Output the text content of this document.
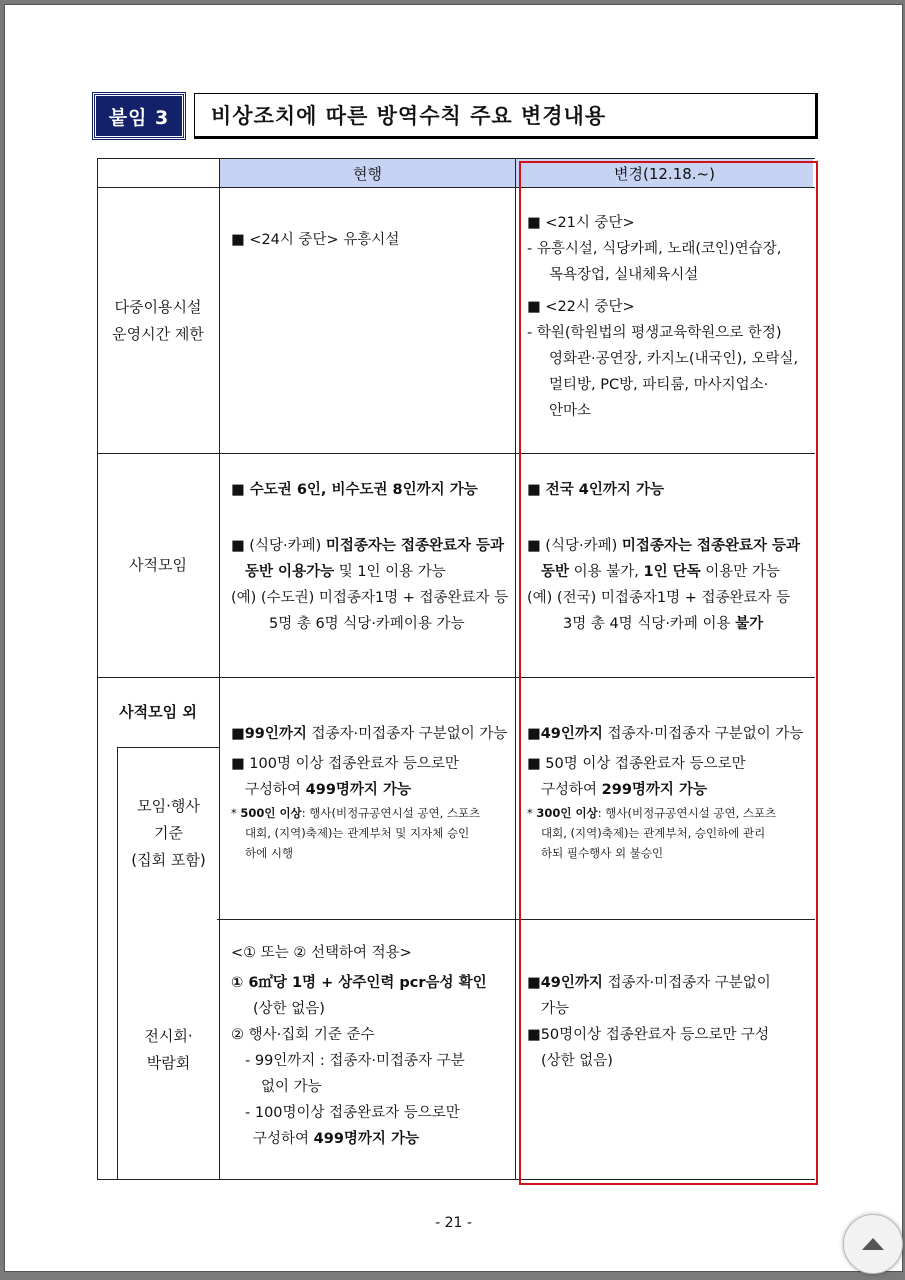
붙임 3	비상조치에 따른 방역수칙 주요 변경내용
현행	변경(12.18.~)
다중이용시설
운영시간 제한

■ <24시 중단> 유흥시설

■ <21시 중단>

- 유흥시설, 식당카페, 노래(코인)연습장,

목욕장업, 실내체육시설

■ <22시 중단>

- 학원(학원법의 평생교육학원으로 한정)

영화관·공연장, 카지노(내국인), 오락실,

멀티방, PC방, 파티룸, 마사지업소·

안마소

사적모임

■ 수도권 6인, 비수도권 8인까지 가능

■ (식당·카페) 미접종자는 접종완료자 등과

동반 이용가능 및 1인 이용 가능

(예) (수도권) 미접종자1명 + 접종완료자 등

5명 총 6명 식당·카페이용 가능

■ 전국 4인까지 가능

■ (식당·카페) 미접종자는 접종완료자 등과

동반 이용 불가, 1인 단독 이용만 가능

(예) (전국) 미접종자1명 + 접종완료자 등

3명 총 4명 식당·카페 이용 불가

사적모임 외
모임·행사
기준
(집회 포함)

■99인까지 접종자·미접종자 구분없이 가능

■ 100명 이상 접종완료자 등으로만

구성하여 499명까지 가능

* 500인 이상: 행사(비정규공연시설 공연, 스포츠

대회, (지역)축제)는 관계부처 및 지자체 승인

하에 시행

■49인까지 접종자·미접종자 구분없이 가능

■ 50명 이상 접종완료자 등으로만

구성하여 299명까지 가능

* 300인 이상: 행사(비정규공연시설 공연, 스포츠

대회, (지역)축제)는 관계부처, 승인하에 관리

하되 필수행사 외 불승인

전시회·
박람회

<① 또는 ② 선택하여 적용>

① 6㎡당 1명 + 상주인력 pcr음성 확인

(상한 없음)

② 행사·집회 기준 준수

- 99인까지 : 접종자·미접종자 구분

없이 가능

- 100명이상 접종완료자 등으로만

구성하여 499명까지 가능

■49인까지 접종자·미접종자 구분없이

가능

■50명이상 접종완료자 등으로만 구성

(상한 없음)

- 21 -
